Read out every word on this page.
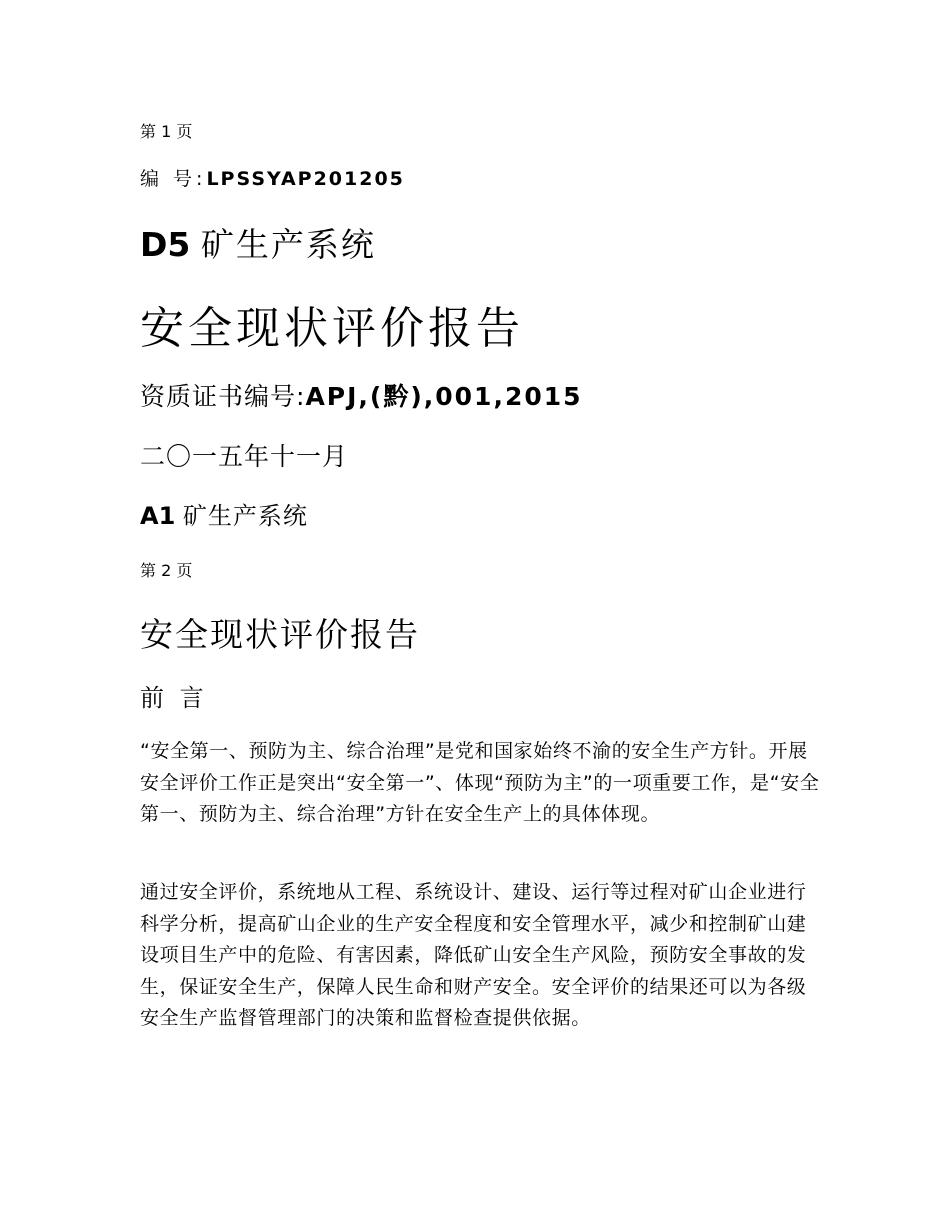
第 1 页
编 号:LPSSYAP201205
D5 矿生产系统
安全现状评价报告
资质证书编号:APJ,(黔),001,2015
二〇一五年十一月
A1 矿生产系统
第 2 页
安全现状评价报告
前 言

“安全第一、预防为主、综合治理”是党和国家始终不渝的安全生产方针。开展安全评价工作正是突出“安全第一”、体现“预防为主”的一项重要工作，是“安全第一、预防为主、综合治理”方针在安全生产上的具体体现。

通过安全评价，系统地从工程、系统设计、建设、运行等过程对矿山企业进行科学分析，提高矿山企业的生产安全程度和安全管理水平，减少和控制矿山建设项目生产中的危险、有害因素，降低矿山安全生产风险，预防安全事故的发生，保证安全生产，保障人民生命和财产安全。安全评价的结果还可以为各级安全生产监督管理部门的决策和监督检查提供依据。
